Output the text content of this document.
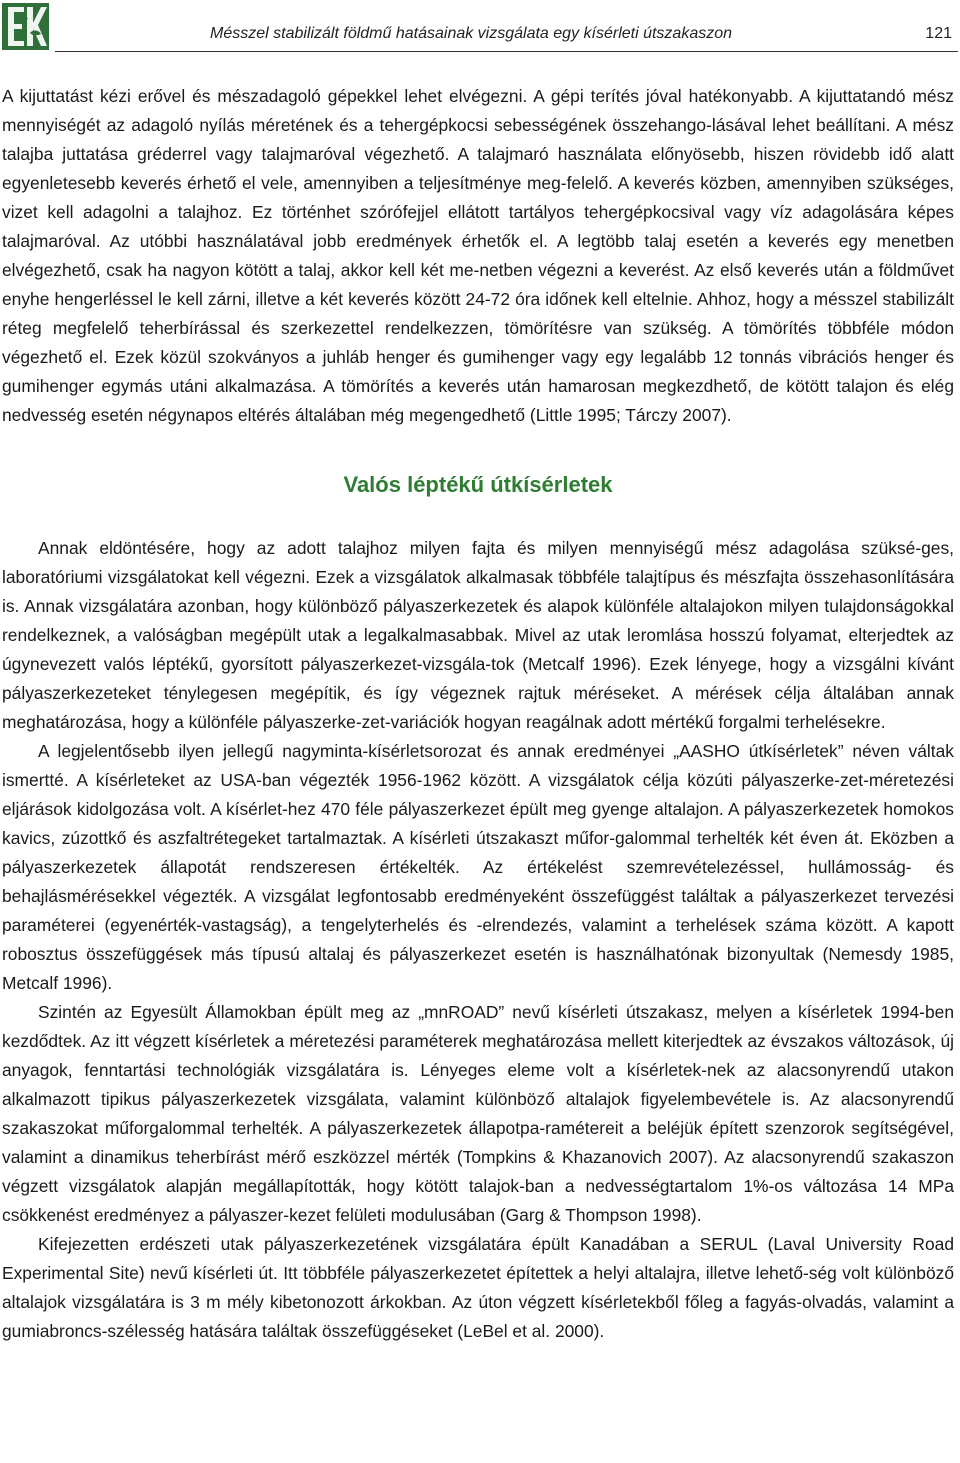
Mésszel stabilizált földmű hatásainak vizsgálata egy kísérleti útszakaszon	121

A kijuttatást kézi erővel és mészadagoló gépekkel lehet elvégezni. A gépi terítés jóval hatékonyabb. A kijuttatandó mész mennyiségét az adagoló nyílás méretének és a tehergépkocsi sebességének összehango-lásával lehet beállítani. A mész talajba juttatása gréderrel vagy talajmaróval végezhető. A talajmaró használata előnyösebb, hiszen rövidebb idő alatt egyenletesebb keverés érhető el vele, amennyiben a teljesítménye meg-felelő. A keverés közben, amennyiben szükséges, vizet kell adagolni a talajhoz. Ez történhet szórófejjel ellátott tartályos tehergépkocsival vagy víz adagolására képes talajmaróval. Az utóbbi használatával jobb eredmények érhetők el. A legtöbb talaj esetén a keverés egy menetben elvégezhető, csak ha nagyon kötött a talaj, akkor kell két me-netben végezni a keverést. Az első keverés után a földművet enyhe hengerléssel le kell zárni, illetve a két keverés között 24-72 óra időnek kell eltelnie. Ahhoz, hogy a mésszel stabilizált réteg megfelelő teherbírással és szerkezettel rendelkezzen, tömörítésre van szükség. A tömörítés többféle módon végezhető el. Ezek közül szokványos a juhláb henger és gumihenger vagy egy legalább 12 tonnás vibrációs henger és gumihenger egymás utáni alkalmazása. A tömörítés a keverés után hamarosan megkezdhető, de kötött talajon és elég nedvesség esetén négynapos eltérés általában még megengedhető (Little 1995; Tárczy 2007).

Valós léptékű útkísérletek

Annak eldöntésére, hogy az adott talajhoz milyen fajta és milyen mennyiségű mész adagolása szüksé-ges, laboratóriumi vizsgálatokat kell végezni. Ezek a vizsgálatok alkalmasak többféle talajtípus és mészfajta összehasonlítására is. Annak vizsgálatára azonban, hogy különböző pályaszerkezetek és alapok különféle altalajokon milyen tulajdonságokkal rendelkeznek, a valóságban megépült utak a legalkalmasabbak. Mivel az utak leromlása hosszú folyamat, elterjedtek az úgynevezett valós léptékű, gyorsított pályaszerkezet-vizsgála-tok (Metcalf 1996). Ezek lényege, hogy a vizsgálni kívánt pályaszerkezeteket ténylegesen megépítik, és így végeznek rajtuk méréseket. A mérések célja általában annak meghatározása, hogy a különféle pályaszerke-zet-variációk hogyan reagálnak adott mértékű forgalmi terhelésekre.

A legjelentősebb ilyen jellegű nagyminta-kísérletsorozat és annak eredményei „AASHO útkísérletek” néven váltak ismertté. A kísérleteket az USA-ban végezték 1956-1962 között. A vizsgálatok célja közúti pályaszerke-zet-méretezési eljárások kidolgozása volt. A kísérlet-hez 470 féle pályaszerkezet épült meg gyenge altalajon. A pályaszerkezetek homokos kavics, zúzottkő és aszfaltrétegeket tartalmaztak. A kísérleti útszakaszt műfor-galommal terhelték két éven át. Eközben a pályaszerkezetek állapotát rendszeresen értékelték. Az értékelést szemrevételezéssel, hullámosság- és behajlásmérésekkel végezték. A vizsgálat legfontosabb eredményeként összefüggést találtak a pályaszerkezet tervezési paraméterei (egyenérték-vastagság), a tengelyterhelés és -elrendezés, valamint a terhelések száma között. A kapott robosztus összefüggések más típusú altalaj és pályaszerkezet esetén is használhatónak bizonyultak (Nemesdy 1985, Metcalf 1996).

Szintén az Egyesült Államokban épült meg az „mnROAD” nevű kísérleti útszakasz, melyen a kísérletek 1994-ben kezdődtek. Az itt végzett kísérletek a méretezési paraméterek meghatározása mellett kiterjedtek az évszakos változások, új anyagok, fenntartási technológiák vizsgálatára is. Lényeges eleme volt a kísérletek-nek az alacsonyrendű utakon alkalmazott tipikus pályaszerkezetek vizsgálata, valamint különböző altalajok figyelembevétele is. Az alacsonyrendű szakaszokat műforgalommal terhelték. A pályaszerkezetek állapotpa-ramétereit a beléjük épített szenzorok segítségével, valamint a dinamikus teherbírást mérő eszközzel mérték (Tompkins & Khazanovich 2007). Az alacsonyrendű szakaszon végzett vizsgálatok alapján megállapították, hogy kötött talajok-ban a nedvességtartalom 1%-os változása 14 MPa csökkenést eredményez a pályaszer-kezet felületi modulusában (Garg & Thompson 1998).

Kifejezetten erdészeti utak pályaszerkezetének vizsgálatára épült Kanadában a SERUL (Laval University Road Experimental Site) nevű kísérleti út. Itt többféle pályaszerkezetet építettek a helyi altalajra, illetve lehető-ség volt különböző altalajok vizsgálatára is 3 m mély kibetonozott árkokban. Az úton végzett kísérletekből főleg a fagyás-olvadás, valamint a gumiabroncs-szélesség hatására találtak összefüggéseket (LeBel et al. 2000).
